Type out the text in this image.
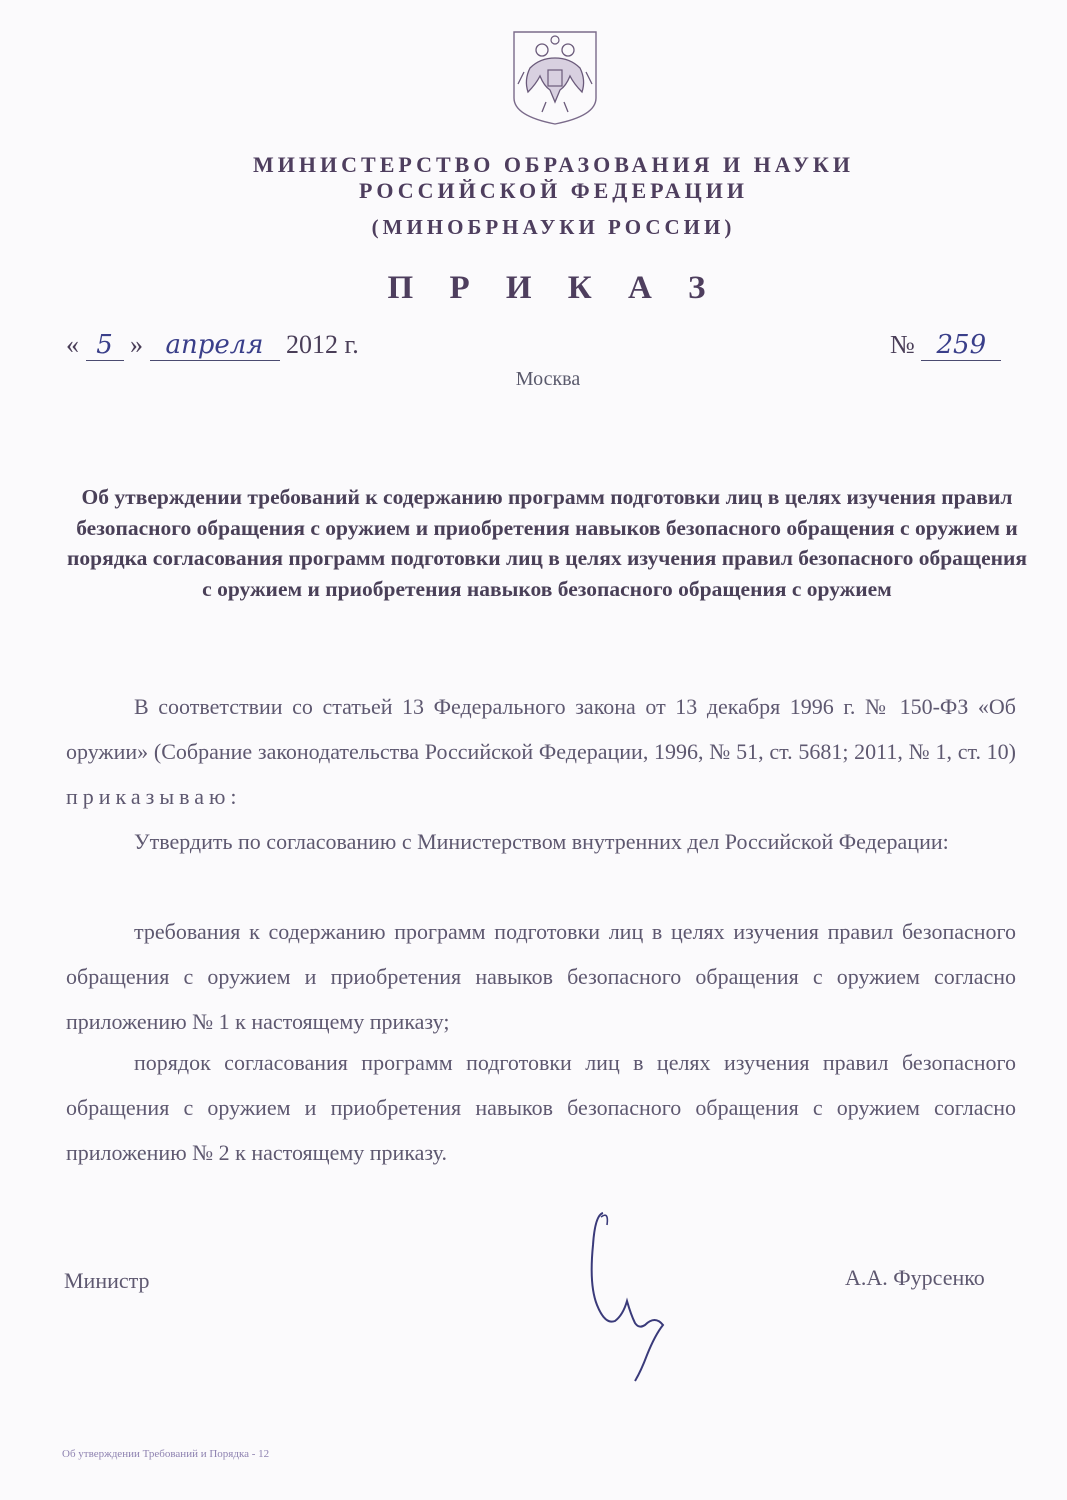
МИНИСТЕРСТВО ОБРАЗОВАНИЯ И НАУКИ
РОССИЙСКОЙ ФЕДЕРАЦИИ
(МИНОБРНАУКИ РОССИИ)
П Р И К А З
« 5 » апреля 2012 г.	№ 259
Москва
Об утверждении требований к содержанию программ подготовки лиц в целях изучения правил безопасного обращения с оружием и приобретения навыков безопасного обращения с оружием и порядка согласования программ подготовки лиц в целях изучения правил безопасного обращения с оружием и приобретения навыков безопасного обращения с оружием

В соответствии со статьей 13 Федерального закона от 13 декабря 1996 г. № 150-ФЗ «Об оружии» (Собрание законодательства Российской Федерации, 1996, № 51, ст. 5681; 2011, № 1, ст. 10) приказываю:

Утвердить по согласованию с Министерством внутренних дел Российской Федерации:

требования к содержанию программ подготовки лиц в целях изучения правил безопасного обращения с оружием и приобретения навыков безопасного обращения с оружием согласно приложению № 1 к настоящему приказу;

порядок согласования программ подготовки лиц в целях изучения правил безопасного обращения с оружием и приобретения навыков безопасного обращения с оружием согласно приложению № 2 к настоящему приказу.

Министр	А.А. Фурсенко
Об утверждении Требований и Порядка - 12
